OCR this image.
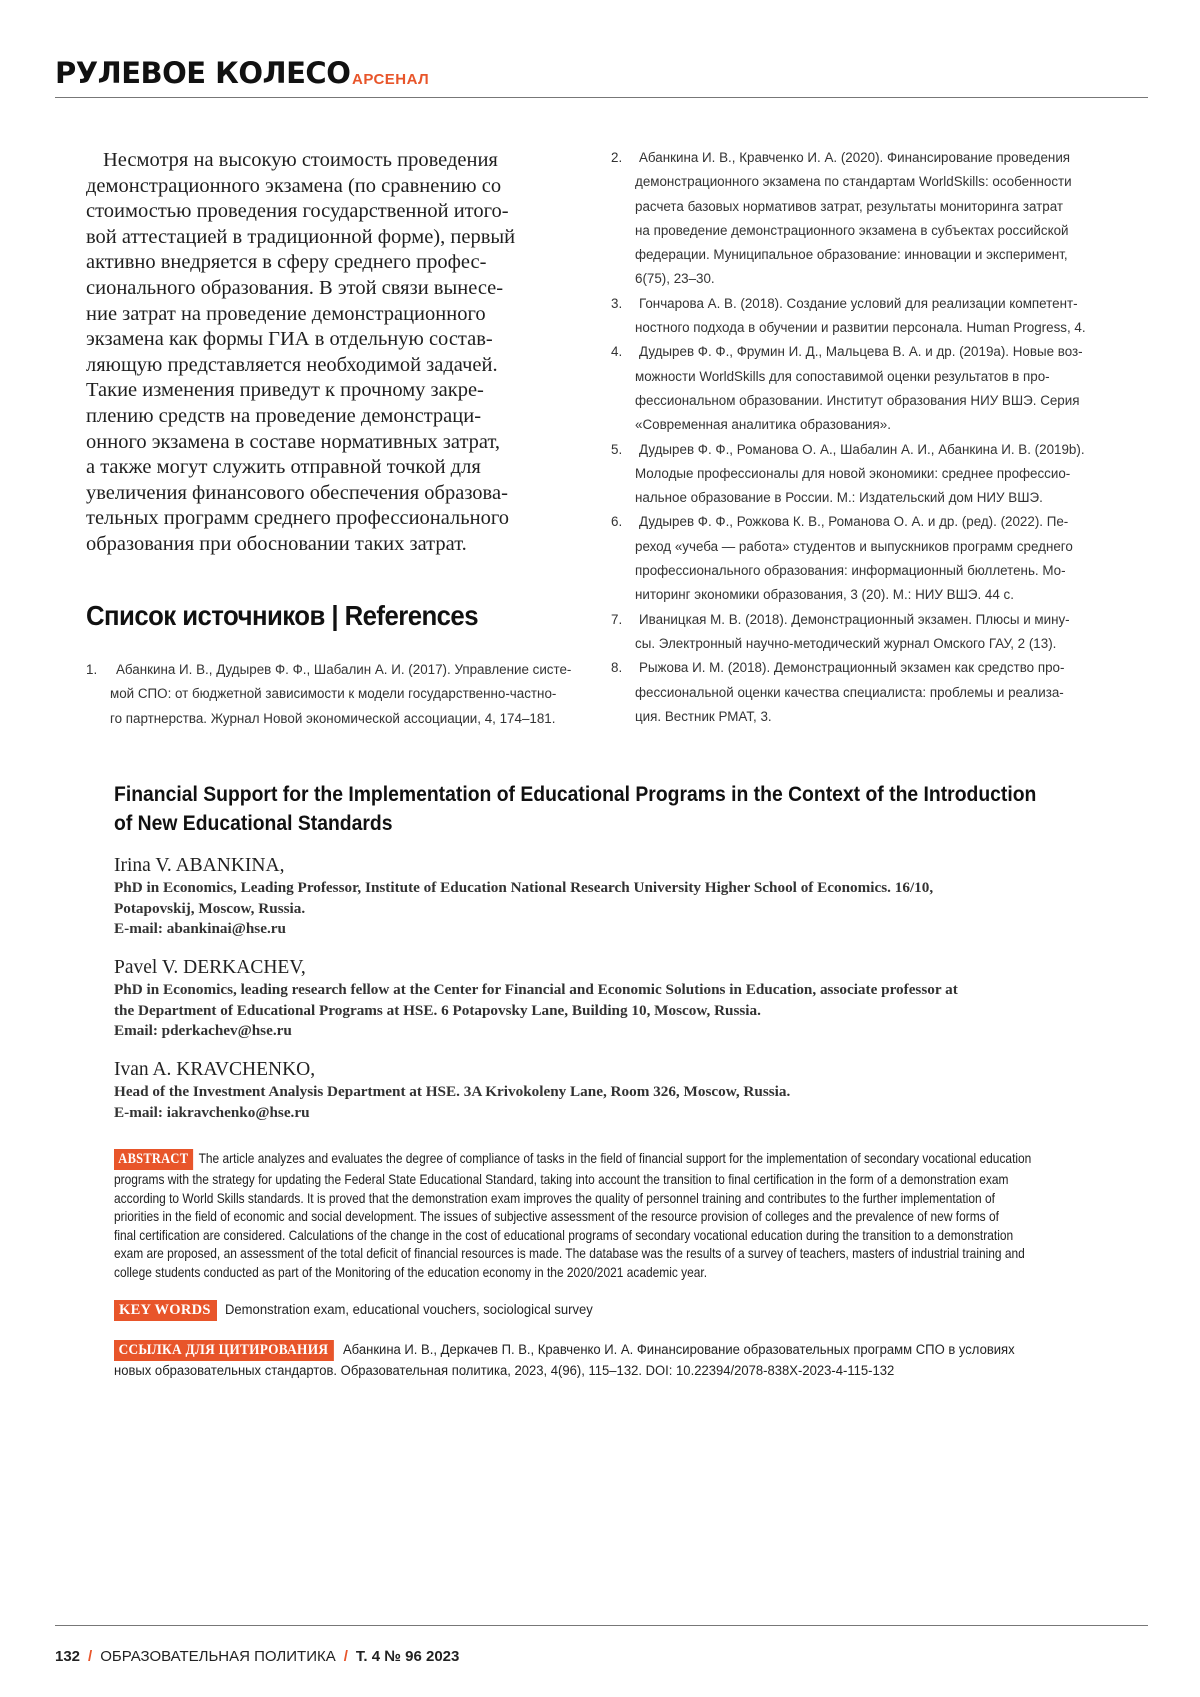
РУЛЕВОЕ КОЛЕСО АРСЕНАЛ
Несмотря на высокую стоимость проведения
демонстрационного экзамена (по сравнению со
стоимостью проведения государственной итого-
вой аттестацией в традиционной форме), первый
активно внедряется в сферу среднего профес-
сионального образования. В этой связи вынесе-
ние затрат на проведение демонстрационного
экзамена как формы ГИА в отдельную состав-
ляющую представляется необходимой задачей.
Такие изменения приведут к прочному закре-
плению средств на проведение демонстраци-
онного экзамена в составе нормативных затрат,
а также могут служить отправной точкой для
увеличения финансового обеспечения образова-
тельных программ среднего профессионального
образования при обосновании таких затрат.
Список источников | References
1.	Абанкина И. В., Дудырев Ф. Ф., Шабалин А. И. (2017). Управление систе-
мой СПО: от бюджетной зависимости к модели государственно-частно-
го партнерства. Журнал Новой экономической ассоциации, 4, 174–181.
2.	Абанкина И. В., Кравченко И. А. (2020). Финансирование проведения
демонстрационного экзамена по стандартам WorldSkills: особенности
расчета базовых нормативов затрат, результаты мониторинга затрат
на проведение демонстрационного экзамена в субъектах российской
федерации. Муниципальное образование: инновации и эксперимент,
6(75), 23–30.
3.	Гончарова А. В. (2018). Создание условий для реализации компетент-
ностного подхода в обучении и развитии персонала. Human Progress, 4.
4.	Дудырев Ф. Ф., Фрумин И. Д., Мальцева В. А. и др. (2019a). Новые воз-
можности WorldSkills для сопоставимой оценки результатов в про-
фессиональном образовании. Институт образования НИУ ВШЭ. Серия
«Современная аналитика образования».
5.	Дудырев Ф. Ф., Романова О. А., Шабалин А. И., Абанкина И. В. (2019b).
Молодые профессионалы для новой экономики: среднее профессио-
нальное образование в России. М.: Издательский дом НИУ ВШЭ.
6.	Дудырев Ф. Ф., Рожкова К. В., Романова О. А. и др. (ред). (2022). Пе-
реход «учеба — работа» студентов и выпускников программ среднего
профессионального образования: информационный бюллетень. Мо-
ниторинг экономики образования, 3 (20). М.: НИУ ВШЭ. 44 с.
7.	Иваницкая М. В. (2018). Демонстрационный экзамен. Плюсы и мину-
сы. Электронный научно-методический журнал Омского ГАУ, 2 (13).
8.	Рыжова И. М. (2018). Демонстрационный экзамен как средство про-
фессиональной оценки качества специалиста: проблемы и реализа-
ция. Вестник РМАТ, 3.
Financial Support for the Implementation of Educational Programs in the Context of the Introduction
of New Educational Standards
Irina V. ABANKINA,
PhD in Economics, Leading Professor, Institute of Education National Research University Higher School of Economics. 16/10,
Potapovskij, Moscow, Russia.
E-mail: abankinai@hse.ru
Pavel V. DERKACHEV,
PhD in Economics, leading research fellow at the Center for Financial and Economic Solutions in Education, associate professor at
the Department of Educational Programs at HSE. 6 Potapovsky Lane, Building 10, Moscow, Russia.
Email: pderkachev@hse.ru
Ivan A. KRAVCHENKO,
Head of the Investment Analysis Department at HSE. 3A Krivokoleny Lane, Room 326, Moscow, Russia.
E-mail: iakravchenko@hse.ru
ABSTRACT The article analyzes and evaluates the degree of compliance of tasks in the field of financial support for the implementation of secondary vocational education
programs with the strategy for updating the Federal State Educational Standard, taking into account the transition to final certification in the form of a demonstration exam
according to World Skills standards. It is proved that the demonstration exam improves the quality of personnel training and contributes to the further implementation of
priorities in the field of economic and social development. The issues of subjective assessment of the resource provision of colleges and the prevalence of new forms of
final certification are considered. Calculations of the change in the cost of educational programs of secondary vocational education during the transition to a demonstration
exam are proposed, an assessment of the total deficit of financial resources is made. The database was the results of a survey of teachers, masters of industrial training and
college students conducted as part of the Monitoring of the education economy in the 2020/2021 academic year.
KEY WORDS Demonstration exam, educational vouchers, sociological survey
ССЫЛКА ДЛЯ ЦИТИРОВАНИЯ Абанкина И. В., Деркачев П. В., Кравченко И. А. Финансирование образовательных программ СПО в условиях
новых образовательных стандартов. Образовательная политика, 2023, 4(96), 115–132. DOI: 10.22394/2078-838X-2023-4-115-132
132 / ОБРАЗОВАТЕЛЬНАЯ ПОЛИТИКА / Т. 4 № 96 2023
